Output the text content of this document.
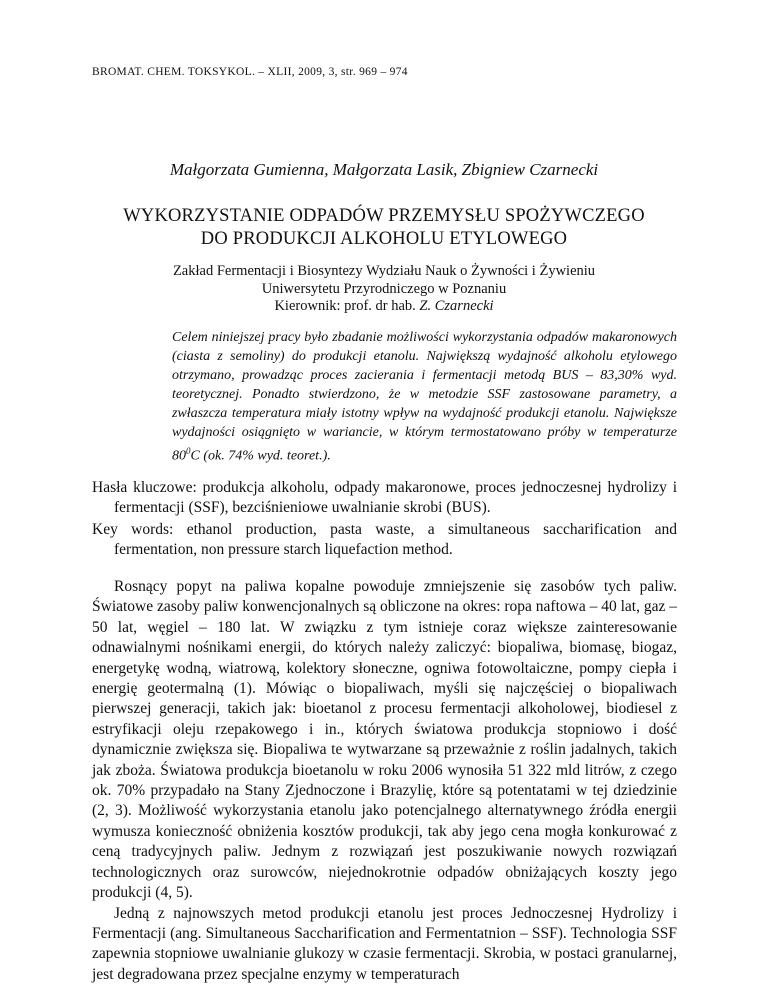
BROMAT. CHEM. TOKSYKOL. – XLII, 2009, 3, str. 969 – 974
Małgorzata Gumienna, Małgorzata Lasik, Zbigniew Czarnecki
WYKORZYSTANIE ODPADÓW PRZEMYSŁU SPOŻYWCZEGO
DO PRODUKCJI ALKOHOLU ETYLOWEGO
Zakład Fermentacji i Biosyntezy Wydziału Nauk o Żywności i Żywieniu
Uniwersytetu Przyrodniczego w Poznaniu
Kierownik: prof. dr hab. Z. Czarnecki
Celem niniejszej pracy było zbadanie możliwości wykorzystania odpadów makaronowych (ciasta z semoliny) do produkcji etanolu. Największą wydajność alkoholu etylowego otrzymano, prowadząc proces zacierania i fermentacji metodą BUS – 83,30% wyd. teoretycznej. Ponadto stwierdzono, że w metodzie SSF zastosowane parametry, a zwłaszcza temperatura miały istotny wpływ na wydajność produkcji etanolu. Największe wydajności osiągnięto w wariancie, w którym termostatowano próby w temperaturze $80^0C$ (ok. 74% wyd. teoret.).
Hasła kluczowe: produkcja alkoholu, odpady makaronowe, proces jednoczesnej hydrolizy i fermentacji (SSF), bezciśnieniowe uwalnianie skrobi (BUS).
Key words: ethanol production, pasta waste, a simultaneous saccharification and fermentation, non pressure starch liquefaction method.

Rosnący popyt na paliwa kopalne powoduje zmniejszenie się zasobów tych paliw. Światowe zasoby paliw konwencjonalnych są obliczone na okres: ropa naftowa – 40 lat, gaz – 50 lat, węgiel – 180 lat. W związku z tym istnieje coraz większe zainteresowanie odnawialnymi nośnikami energii, do których należy zaliczyć: biopaliwa, biomasę, biogaz, energetykę wodną, wiatrową, kolektory słoneczne, ogniwa fotowoltaiczne, pompy ciepła i energię geotermalną (1). Mówiąc o biopaliwach, myśli się najczęściej o biopaliwach pierwszej generacji, takich jak: bioetanol z procesu fermentacji alkoholowej, biodiesel z estryfikacji oleju rzepakowego i in., których światowa produkcja stopniowo i dość dynamicznie zwiększa się. Biopaliwa te wytwarzane są przeważnie z roślin jadalnych, takich jak zboża. Światowa produkcja bioetanolu w roku 2006 wynosiła 51 322 mld litrów, z czego ok. 70% przypadało na Stany Zjednoczone i Brazylię, które są potentatami w tej dziedzinie (2, 3). Możliwość wykorzystania etanolu jako potencjalnego alternatywnego źródła energii wymusza konieczność obniżenia kosztów produkcji, tak aby jego cena mogła konkurować z ceną tradycyjnych paliw. Jednym z rozwiązań jest poszukiwanie nowych rozwiązań technologicznych oraz surowców, niejednokrotnie odpadów obniżających koszty jego produkcji (4, 5).

Jedną z najnowszych metod produkcji etanolu jest proces Jednoczesnej Hydrolizy i Fermentacji (ang. Simultaneous Saccharification and Fermentatnion – SSF). Technologia SSF zapewnia stopniowe uwalnianie glukozy w czasie fermentacji. Skrobia, w postaci granularnej, jest degradowana przez specjalne enzymy w temperaturach
